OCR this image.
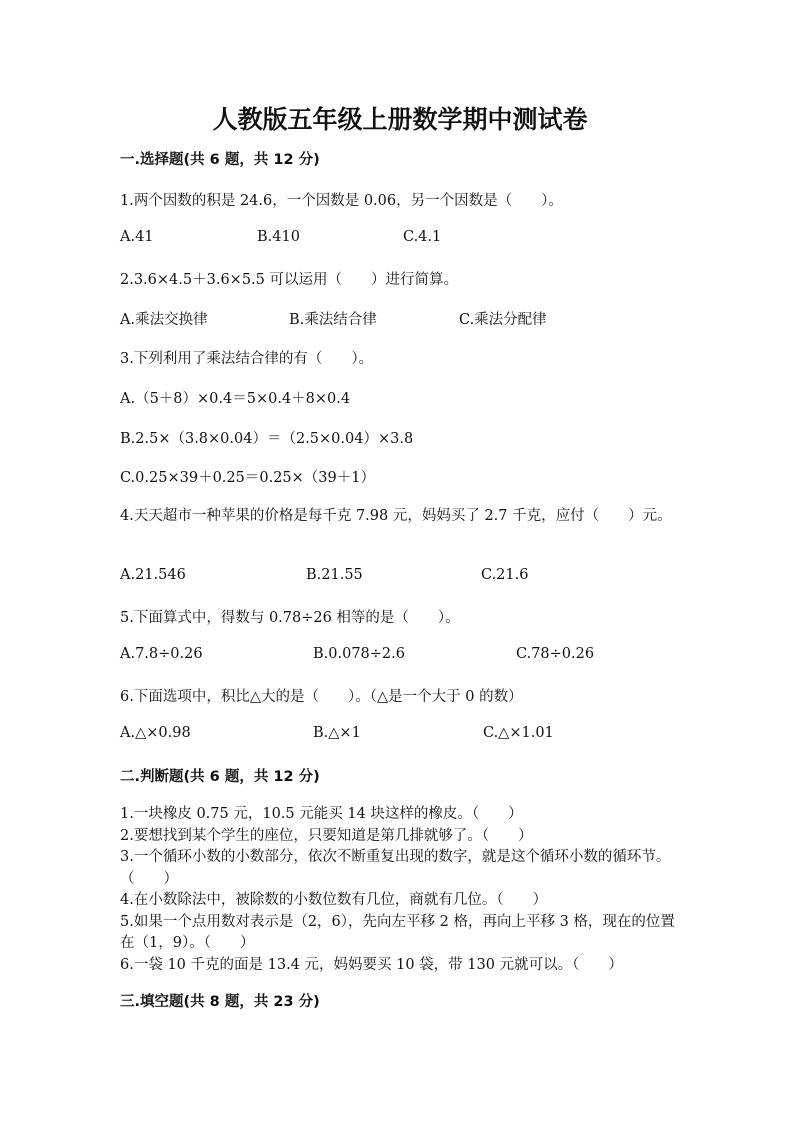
人教版五年级上册数学期中测试卷
一.选择题(共 6 题，共 12 分)
1.两个因数的积是 24.6，一个因数是 0.06，另一个因数是（　　）。
A.41	B.410	C.4.1
2.3.6×4.5＋3.6×5.5 可以运用（　　）进行简算。
A.乘法交换律	B.乘法结合律	C.乘法分配律
3.下列利用了乘法结合律的有（　　）。
A.（5＋8）×0.4＝5×0.4＋8×0.4
B.2.5×（3.8×0.04）＝（2.5×0.04）×3.8
C.0.25×39＋0.25＝0.25×（39＋1）
4.天天超市一种苹果的价格是每千克 7.98 元，妈妈买了 2.7 千克，应付（　　）元。
A.21.546	B.21.55	C.21.6
5.下面算式中，得数与 0.78÷26 相等的是（　　）。
A.7.8÷0.26	B.0.078÷2.6	C.78÷0.26
6.下面选项中，积比△大的是（　　）。（△是一个大于 0 的数）
A.△×0.98	B.△×1	C.△×1.01
二.判断题(共 6 题，共 12 分)
1.一块橡皮 0.75 元，10.5 元能买 14 块这样的橡皮。（　　）
2.要想找到某个学生的座位，只要知道是第几排就够了。（　　）
3.一个循环小数的小数部分，依次不断重复出现的数字，就是这个循环小数的循环节。（　　）
4.在小数除法中，被除数的小数位数有几位，商就有几位。（　　）
5.如果一个点用数对表示是（2，6），先向左平移 2 格，再向上平移 3 格，现在的位置在（1，9）。（　　）
6.一袋 10 千克的面是 13.4 元，妈妈要买 10 袋，带 130 元就可以。（　　）
三.填空题(共 8 题，共 23 分)
